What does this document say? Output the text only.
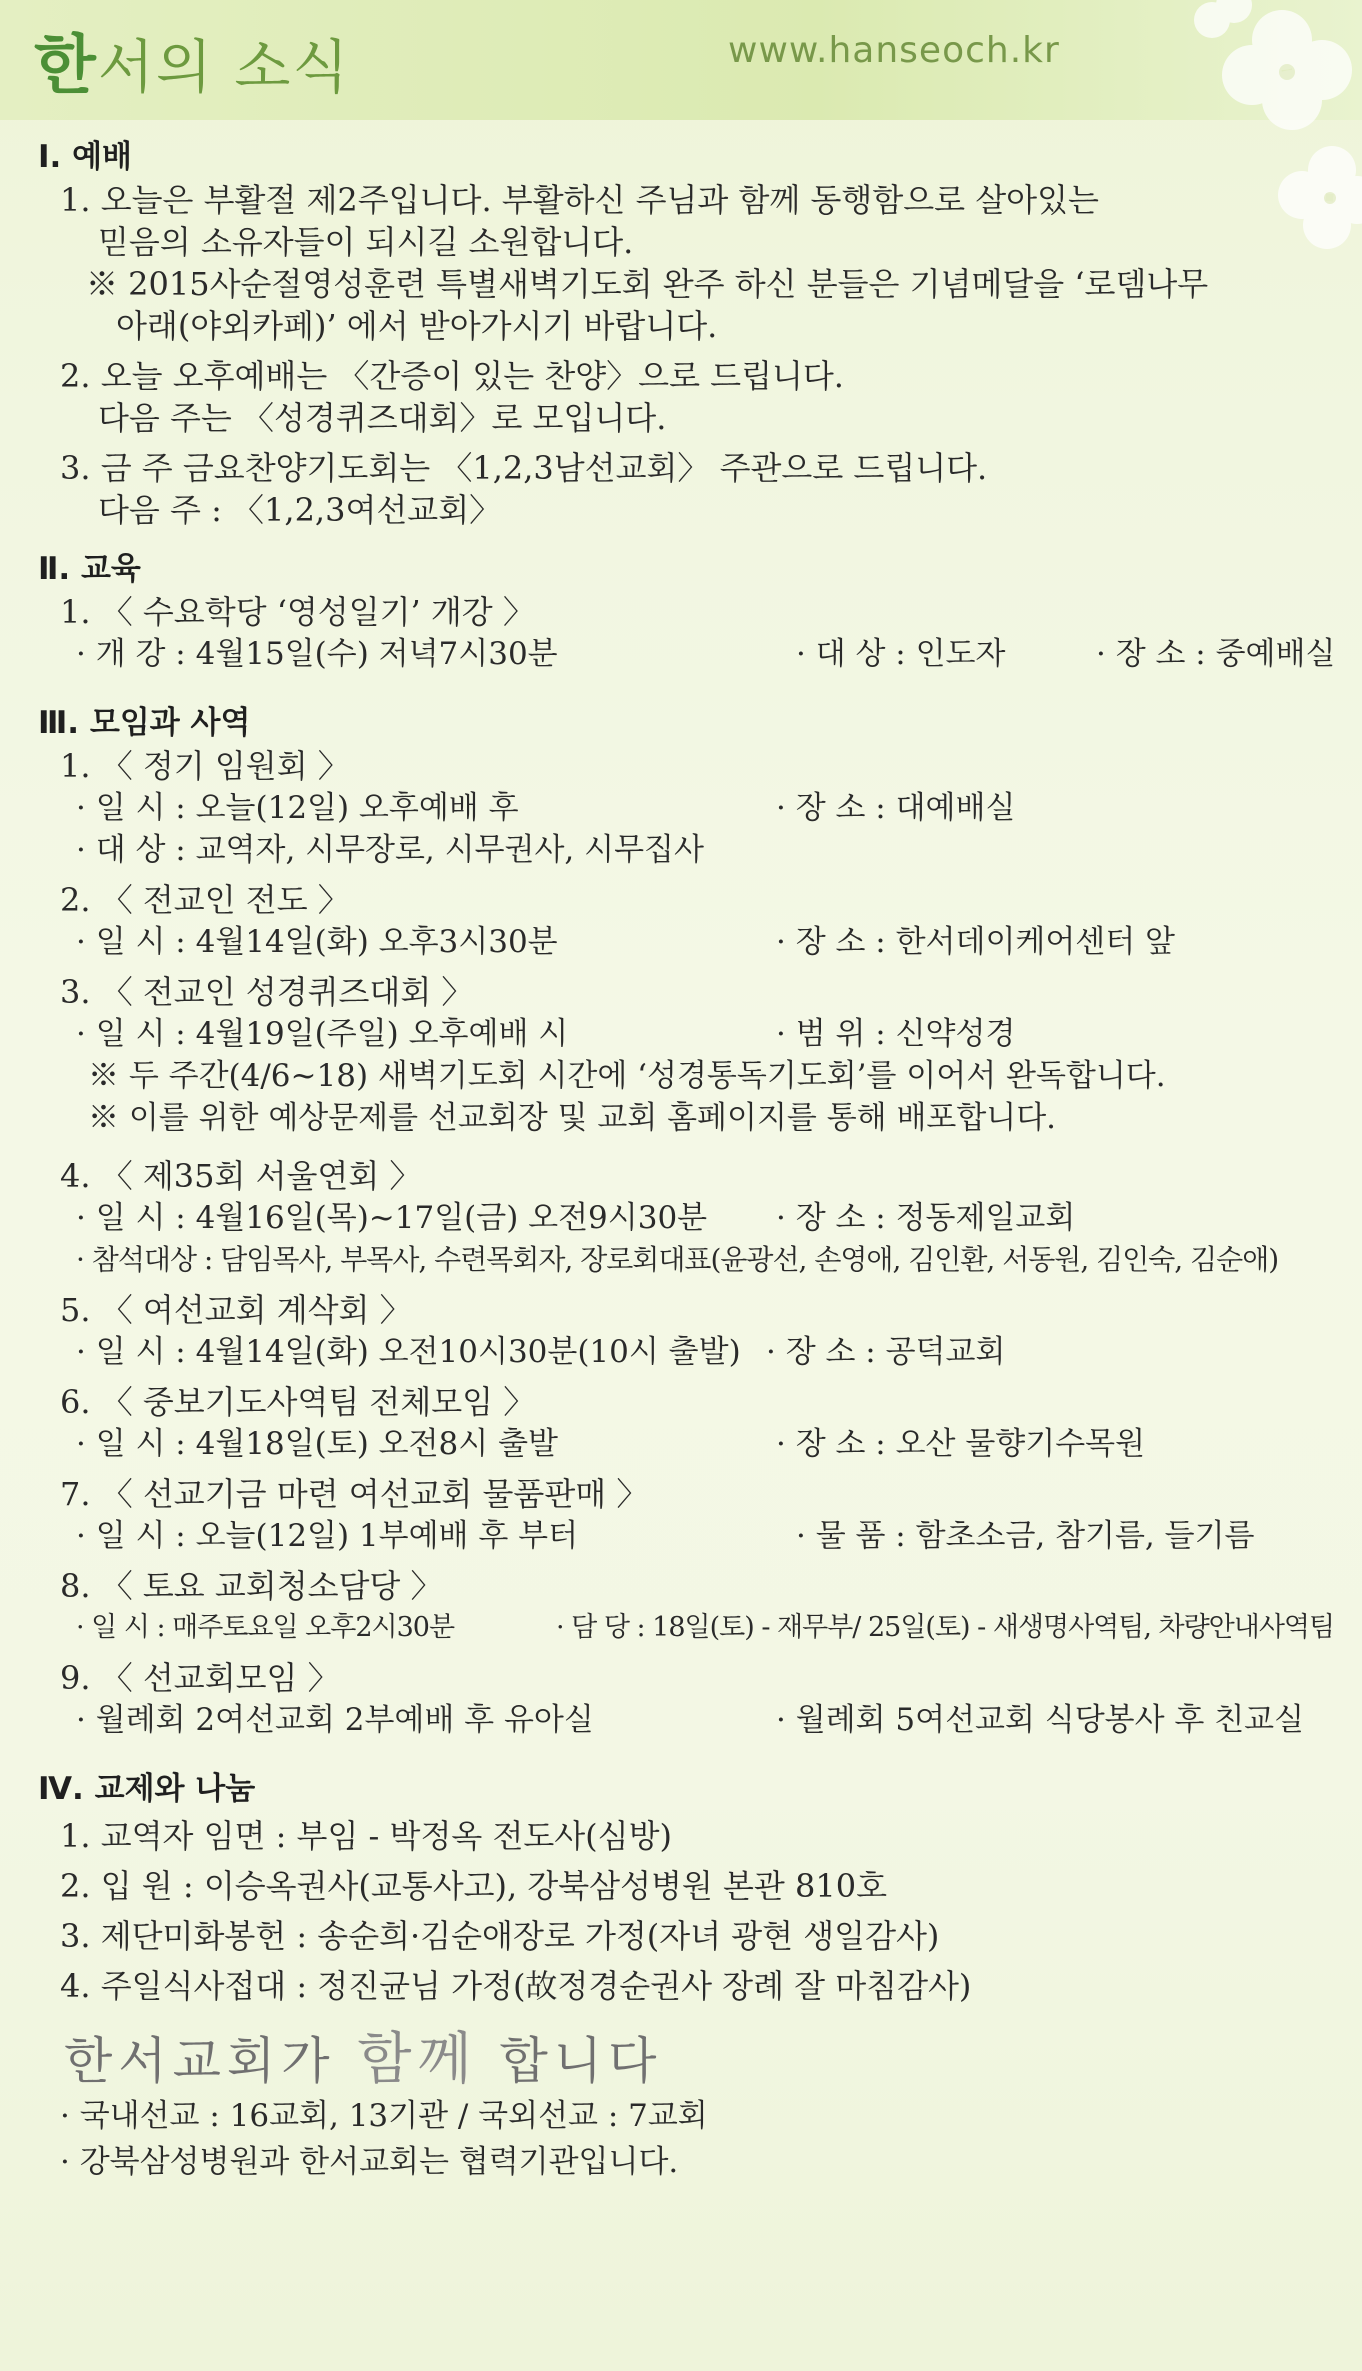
한서의 소식	www.hanseoch.kr
Ⅰ. 예배
1. 오늘은 부활절 제2주입니다. 부활하신 주님과 함께 동행함으로 살아있는
믿음의 소유자들이 되시길 소원합니다.
※ 2015사순절영성훈련 특별새벽기도회 완주 하신 분들은 기념메달을 ‘로뎀나무
아래(야외카페)’ 에서 받아가시기 바랍니다.
2. 오늘 오후예배는 〈간증이 있는 찬양〉으로 드립니다.
다음 주는 〈성경퀴즈대회〉로 모입니다.
3. 금 주 금요찬양기도회는 〈1,2,3남선교회〉 주관으로 드립니다.
다음 주 : 〈1,2,3여선교회〉
Ⅱ. 교육
1. 〈 수요학당 ‘영성일기’ 개강 〉
· 개 강 : 4월15일(수) 저녁7시30분	· 대 상 : 인도자	· 장 소 : 중예배실
Ⅲ. 모임과 사역
1. 〈 정기 임원회 〉
· 일 시 : 오늘(12일) 오후예배 후	· 장 소 : 대예배실
· 대 상 : 교역자, 시무장로, 시무권사, 시무집사
2. 〈 전교인 전도 〉
· 일 시 : 4월14일(화) 오후3시30분	· 장 소 : 한서데이케어센터 앞
3. 〈 전교인 성경퀴즈대회 〉
· 일 시 : 4월19일(주일) 오후예배 시	· 범 위 : 신약성경
※ 두 주간(4/6~18) 새벽기도회 시간에 ‘성경통독기도회’를 이어서 완독합니다.
※ 이를 위한 예상문제를 선교회장 및 교회 홈페이지를 통해 배포합니다.
4. 〈 제35회 서울연회 〉
· 일 시 : 4월16일(목)~17일(금) 오전9시30분	· 장 소 : 정동제일교회
· 참석대상 : 담임목사, 부목사, 수련목회자, 장로회대표(윤광선, 손영애, 김인환, 서동원, 김인숙, 김순애)
5. 〈 여선교회 계삭회 〉
· 일 시 : 4월14일(화) 오전10시30분(10시 출발) · 장 소 : 공덕교회
6. 〈 중보기도사역팀 전체모임 〉
· 일 시 : 4월18일(토) 오전8시 출발	· 장 소 : 오산 물향기수목원
7. 〈 선교기금 마련 여선교회 물품판매 〉
· 일 시 : 오늘(12일) 1부예배 후 부터	· 물 품 : 함초소금, 참기름, 들기름
8. 〈 토요 교회청소담당 〉
· 일 시 : 매주토요일 오후2시30분	· 담 당 : 18일(토) - 재무부/ 25일(토) - 새생명사역팀, 차량안내사역팀
9. 〈 선교회모임 〉
· 월례회 2여선교회 2부예배 후 유아실	· 월례회 5여선교회 식당봉사 후 친교실
Ⅳ. 교제와 나눔
1. 교역자 임면 : 부임 - 박정옥 전도사(심방)
2. 입 원 : 이승옥권사(교통사고), 강북삼성병원 본관 810호
3. 제단미화봉헌 : 송순희·김순애장로 가정(자녀 광현 생일감사)
4. 주일식사접대 : 정진균님 가정(故정경순권사 장례 잘 마침감사)
한서교회가 함께 합니다
· 국내선교 : 16교회, 13기관 / 국외선교 : 7교회
· 강북삼성병원과 한서교회는 협력기관입니다.
